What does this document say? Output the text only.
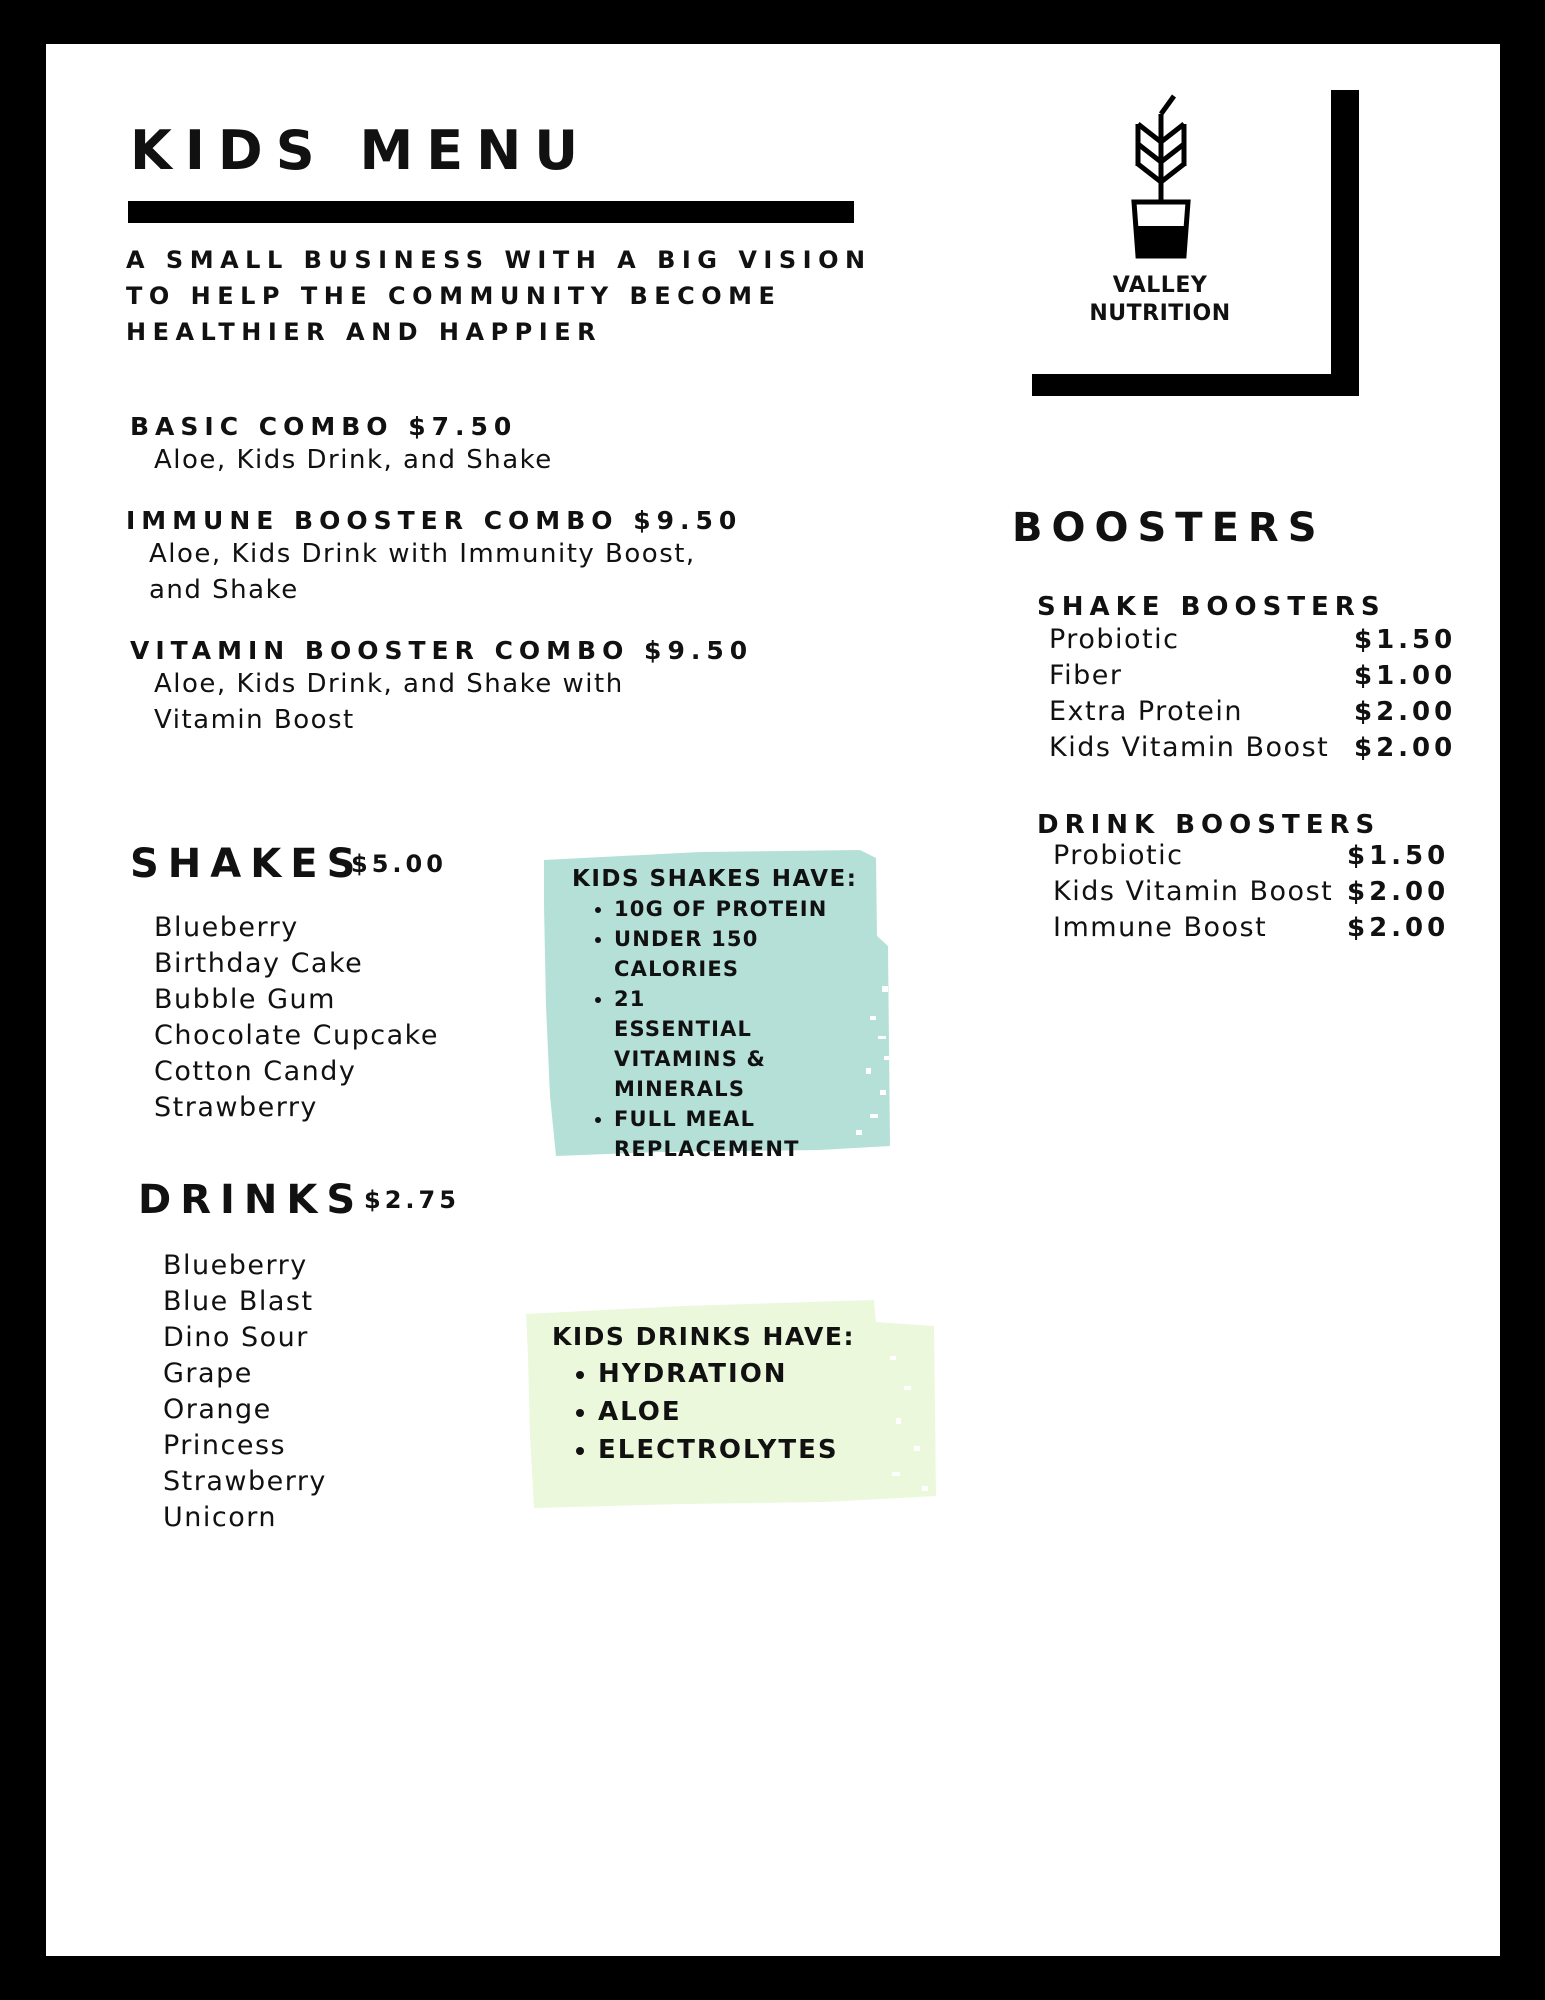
KIDS MENU

A SMALL BUSINESS WITH A BIG VISION
TO HELP THE COMMUNITY BECOME
HEALTHIER AND HAPPIER

VALLEY
NUTRITION
BASIC COMBO $7.50
Aloe, Kids Drink, and Shake
IMMUNE BOOSTER COMBO $9.50
Aloe, Kids Drink with Immunity Boost,
and Shake
VITAMIN BOOSTER COMBO $9.50
Aloe, Kids Drink, and Shake with
Vitamin Boost
SHAKES
$5.00
Blueberry
Birthday Cake
Bubble Gum
Chocolate Cupcake
Cotton Candy
Strawberry
KIDS SHAKES HAVE:
• 10G OF PROTEIN
• UNDER 150 CALORIES
• 21 ESSENTIAL VITAMINS & MINERALS
• FULL MEAL REPLACEMENT
DRINKS $2.75
Blueberry
Blue Blast
Dino Sour
Grape
Orange
Princess
Strawberry
Unicorn
KIDS DRINKS HAVE:
• HYDRATION
• ALOE
• ELECTROLYTES
BOOSTERS
SHAKE BOOSTERS
Probiotic	$1.50
Fiber	$1.00
Extra Protein	$2.00
Kids Vitamin Boost $2.00
DRINK BOOSTERS
Probiotic	$1.50
Kids Vitamin Boost $2.00
Immune Boost	$2.00
